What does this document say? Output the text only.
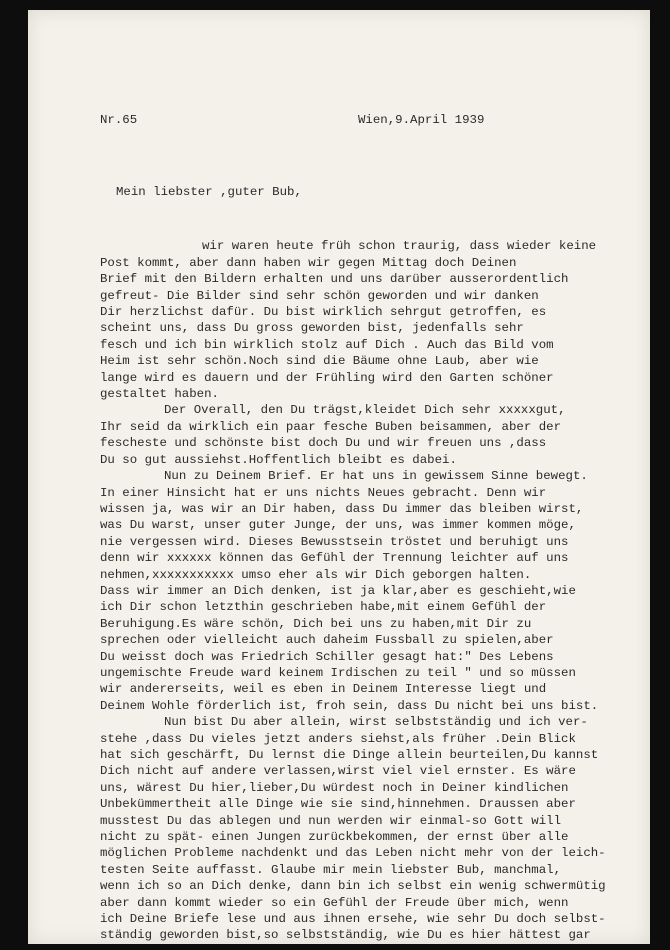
Nr.65	Wien,9.April 1939
Mein liebster ,guter Bub,
wir waren heute früh schon traurig, dass wieder keine
Post kommt, aber dann haben wir gegen Mittag doch Deinen
Brief mit den Bildern erhalten und uns darüber ausserordentlich
gefreut- Die Bilder sind sehr schön geworden und wir danken
Dir herzlichst dafür. Du bist wirklich sehrgut getroffen, es
scheint uns, dass Du gross geworden bist, jedenfalls sehr
fesch und ich bin wirklich stolz auf Dich . Auch das Bild vom
Heim ist sehr schön.Noch sind die Bäume ohne Laub, aber wie
lange wird es dauern und der Frühling wird den Garten schöner
gestaltet haben.
Der Overall, den Du trägst,kleidet Dich sehr xxxxxgut,
Ihr seid da wirklich ein paar fesche Buben beisammen, aber der
fescheste und schönste bist doch Du und wir freuen uns ,dass
Du so gut aussiehst.Hoffentlich bleibt es dabei.
Nun zu Deinem Brief. Er hat uns in gewissem Sinne bewegt.
In einer Hinsicht hat er uns nichts Neues gebracht. Denn wir
wissen ja, was wir an Dir haben, dass Du immer das bleiben wirst,
was Du warst, unser guter Junge, der uns, was immer kommen möge,
nie vergessen wird. Dieses Bewusstsein tröstet und beruhigt uns
denn wir xxxxxx können das Gefühl der Trennung leichter auf uns
nehmen,xxxxxxxxxxx umso eher als wir Dich geborgen halten.
Dass wir immer an Dich denken, ist ja klar,aber es geschieht,wie
ich Dir schon letzthin geschrieben habe,mit einem Gefühl der
Beruhigung.Es wäre schön, Dich bei uns zu haben,mit Dir zu
sprechen oder vielleicht auch daheim Fussball zu spielen,aber
Du weisst doch was Friedrich Schiller gesagt hat:" Des Lebens
ungemischte Freude ward keinem Irdischen zu teil " und so müssen
wir andererseits, weil es eben in Deinem Interesse liegt und
Deinem Wohle förderlich ist, froh sein, dass Du nicht bei uns bist.
Nun bist Du aber allein, wirst selbstständig und ich ver-
stehe ,dass Du vieles jetzt anders siehst,als früher .Dein Blick
hat sich geschärft, Du lernst die Dinge allein beurteilen,Du kannst
Dich nicht auf andere verlassen,wirst viel viel ernster. Es wäre
uns, wärest Du hier,lieber,Du würdest noch in Deiner kindlichen
Unbekümmertheit alle Dinge wie sie sind,hinnehmen. Draussen aber
musstest Du das ablegen und nun werden wir einmal-so Gott will
nicht zu spät- einen Jungen zurückbekommen, der ernst über alle
möglichen Probleme nachdenkt und das Leben nicht mehr von der leich-
testen Seite auffasst. Glaube mir mein liebster Bub, manchmal,
wenn ich so an Dich denke, dann bin ich selbst ein wenig schwermütig
aber dann kommt wieder so ein Gefühl der Freude über mich, wenn
ich Deine Briefe lese und aus ihnen ersehe, wie sehr Du doch selbst-
ständig geworden bist,so selbstständig, wie Du es hier hättest gar
